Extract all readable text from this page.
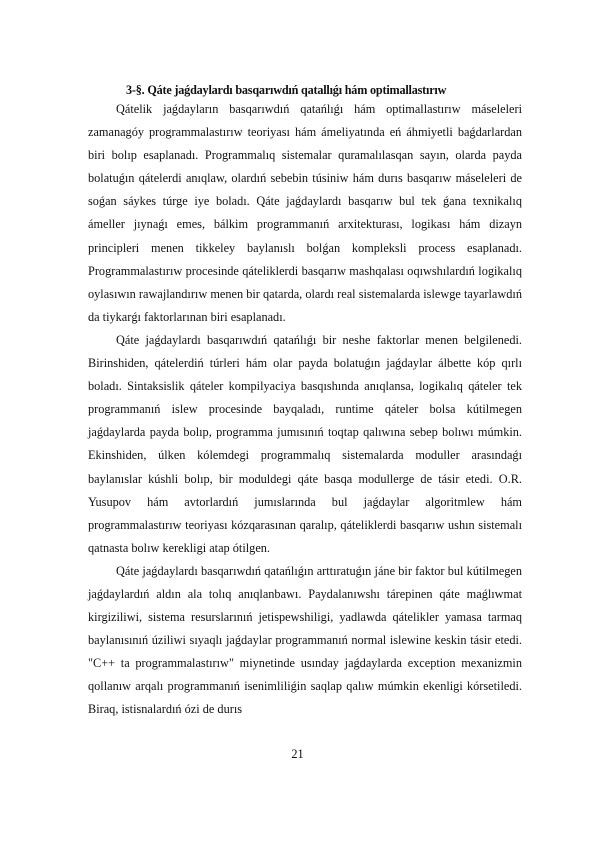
3-§. Qáte jaǵdaylardı basqarıwdıń qatallıǵı hám optimallastırıw

Qátelik jaǵdayların basqarıwdıń qatańlıǵı hám optimallastırıw máseleleri zamanagóy programmalastırıw teoriyası hám ámeliyatında eń áhmiyetli baǵdarlardan biri bolıp esaplanadı. Programmalıq sistemalar quramalılasqan sayın, olarda payda bolatuǵın qátelerdi anıqlaw, olardıń sebebin túsiniw hám durıs basqarıw máseleleri de soǵan sáykes túrge iye boladı. Qáte jaǵdaylardı basqarıw bul tek ǵana texnikalıq ámeller jıynaǵı emes, bálkim programmanıń arxitekturası, logikası hám dizayn principleri menen tikkeley baylanıslı bolǵan kompleksli process esaplanadı. Programmalastırıw procesinde qáteliklerdi basqarıw mashqalası oqıwshılardıń logikalıq oylasıwın rawajlandırıw menen bir qatarda, olardı real sistemalarda islewge tayarlawdıń da tiykarǵı faktorlarınan biri esaplanadı.

Qáte jaǵdaylardı basqarıwdıń qatańlıǵı bir neshe faktorlar menen belgilenedi. Birinshiden, qátelerdiń túrleri hám olar payda bolatuǵın jaǵdaylar álbette kóp qırlı boladı. Sintaksislik qáteler kompilyaciya basqıshında anıqlansa, logikalıq qáteler tek programmanıń islew procesinde bayqaladı, runtime qáteler bolsa kútilmegen jaǵdaylarda payda bolıp, programma jumısınıń toqtap qalıwına sebep bolıwı múmkin. Ekinshiden, úlken kólemdegi programmalıq sistemalarda moduller arasındaǵı baylanıslar kúshli bolıp, bir moduldegi qáte basqa modullerge de tásir etedi. O.R. Yusupov hám avtorlardıń jumıslarında bul jaǵdaylar algoritmlew hám programmalastırıw teoriyası kózqarasınan qaralıp, qáteliklerdi basqarıw ushın sistemalı qatnasta bolıw kerekligi atap ótilgen.

Qáte jaǵdaylardı basqarıwdıń qatańlıǵın arttıratuǵın jáne bir faktor bul kútilmegen jaǵdaylardıń aldın ala tolıq anıqlanbawı. Paydalanıwshı tárepinen qáte maǵlıwmat kirgiziliwi, sistema resurslarınıń jetispewshiligi, yadlawda qátelikler yamasa tarmaq baylanısınıń úziliwi sıyaqlı jaǵdaylar programmanıń normal islewine keskin tásir etedi. "C++ ta programmalastırıw" miynetinde usınday jaǵdaylarda exception mexanizmin qollanıw arqalı programmanıń isenimliliǵin saqlap qalıw múmkin ekenligi kórsetiledi. Biraq, istisnalardıń ózi de durıs

21
